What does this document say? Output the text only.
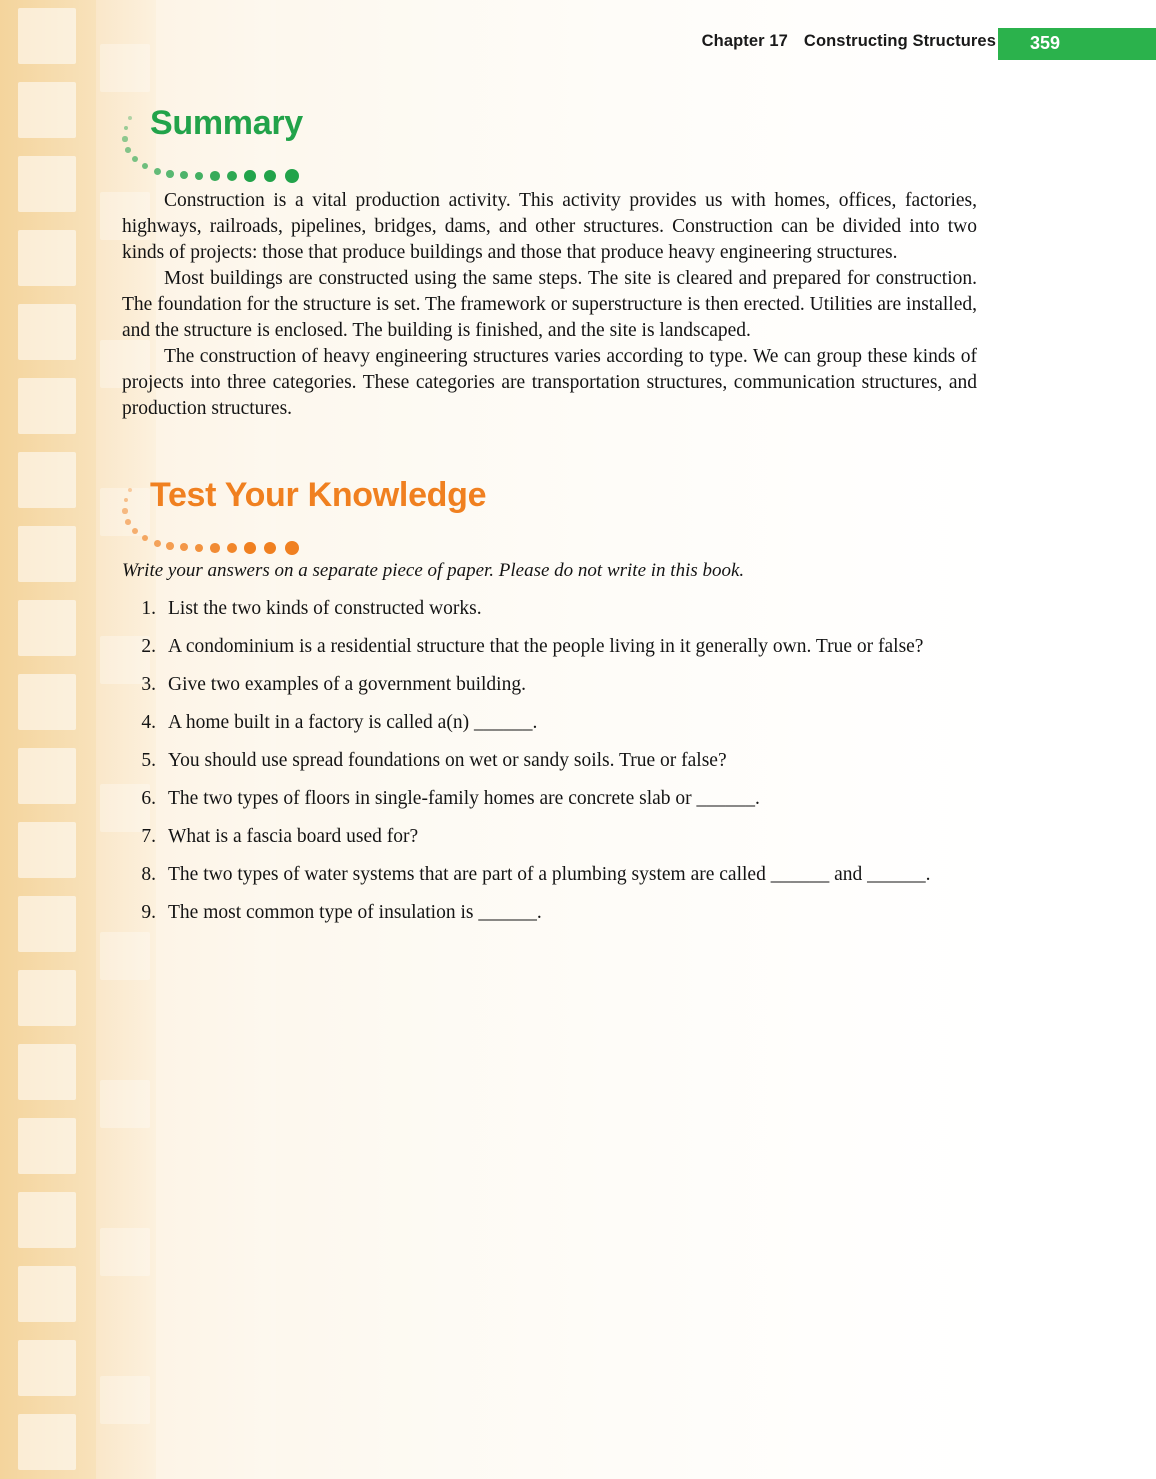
Chapter 17 Constructing Structures 359
Summary

Construction is a vital production activity. This activity provides us with homes, offices, factories, highways, railroads, pipelines, bridges, dams, and other structures. Construction can be divided into two kinds of projects: those that produce buildings and those that produce heavy engineering structures.

Most buildings are constructed using the same steps. The site is cleared and prepared for construction. The foundation for the structure is set. The framework or superstructure is then erected. Utilities are installed, and the structure is enclosed. The building is finished, and the site is landscaped.

The construction of heavy engineering structures varies according to type. We can group these kinds of projects into three categories. These categories are transportation structures, communication structures, and production structures.

Test Your Knowledge

Write your answers on a separate piece of paper. Please do not write in this book.

1. List the two kinds of constructed works.
2. A condominium is a residential structure that the people living in it generally own. True or false?
3. Give two examples of a government building.
4. A home built in a factory is called a(n) ______.
5. You should use spread foundations on wet or sandy soils. True or false?
6. The two types of floors in single-family homes are concrete slab or ______.
7. What is a fascia board used for?
8. The two types of water systems that are part of a plumbing system are called ______ and ______.
9. The most common type of insulation is ______.
